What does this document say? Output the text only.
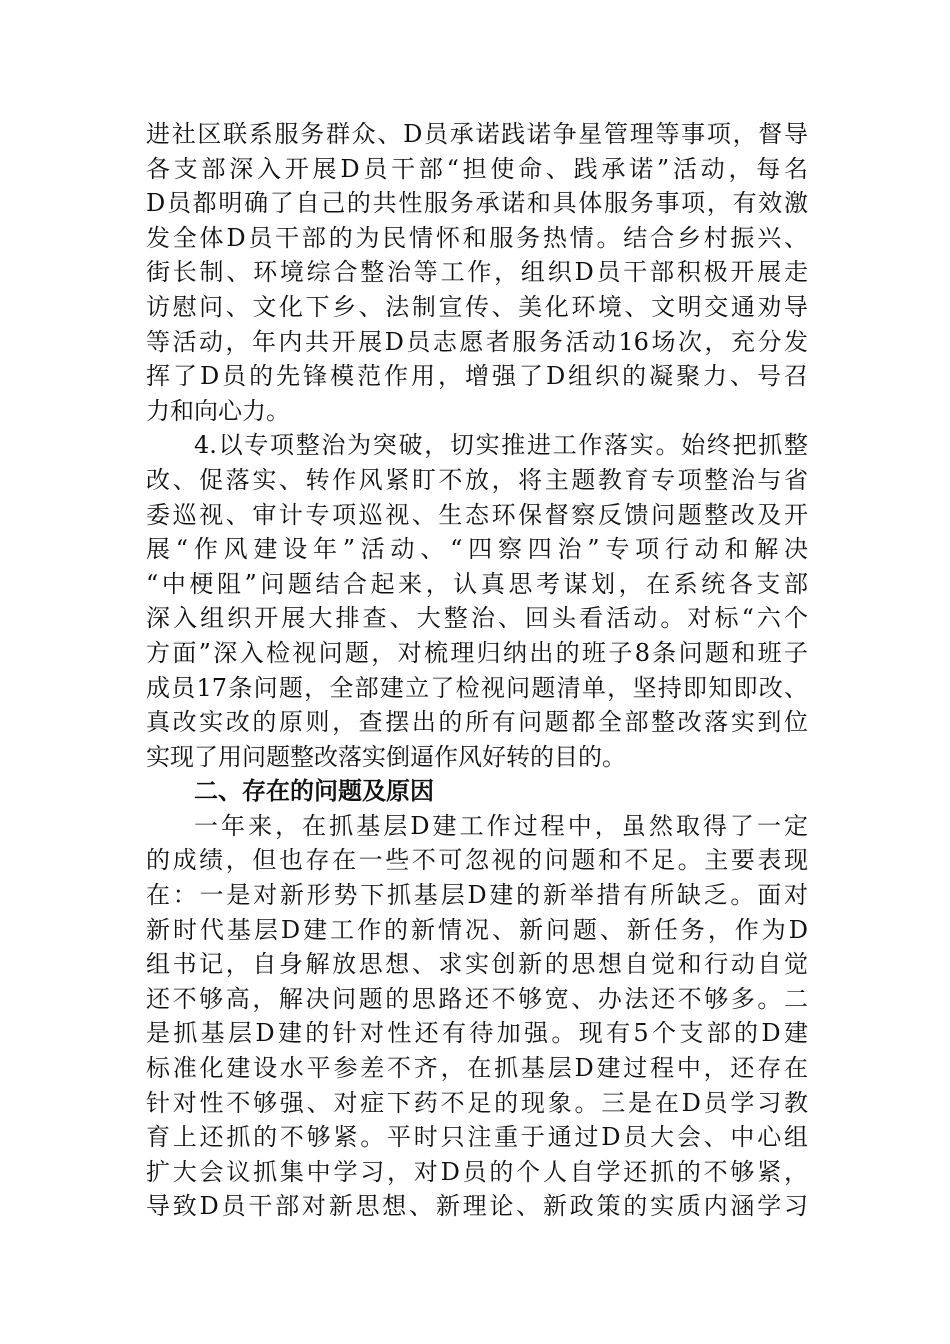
进社区联系服务群众、D员承诺践诺争星管理等事项，督导
各支部深入开展D员干部“担使命、践承诺”活动，每名
D员都明确了自己的共性服务承诺和具体服务事项，有效激
发全体D员干部的为民情怀和服务热情。结合乡村振兴、
街长制、环境综合整治等工作，组织D员干部积极开展走
访慰问、文化下乡、法制宣传、美化环境、文明交通劝导
等活动，年内共开展D员志愿者服务活动16场次，充分发
挥了D员的先锋模范作用，增强了D组织的凝聚力、号召
力和向心力。
4.以专项整治为突破，切实推进工作落实。始终把抓整
改、促落实、转作风紧盯不放，将主题教育专项整治与省
委巡视、审计专项巡视、生态环保督察反馈问题整改及开
展“作风建设年”活动、“四察四治”专项行动和解决
“中梗阻”问题结合起来，认真思考谋划，在系统各支部
深入组织开展大排查、大整治、回头看活动。对标“六个
方面”深入检视问题，对梳理归纳出的班子8条问题和班子
成员17条问题，全部建立了检视问题清单，坚持即知即改、
真改实改的原则，查摆出的所有问题都全部整改落实到位
实现了用问题整改落实倒逼作风好转的目的。
二、存在的问题及原因
一年来，在抓基层D建工作过程中，虽然取得了一定
的成绩，但也存在一些不可忽视的问题和不足。主要表现
在：一是对新形势下抓基层D建的新举措有所缺乏。面对
新时代基层D建工作的新情况、新问题、新任务，作为D
组书记，自身解放思想、求实创新的思想自觉和行动自觉
还不够高，解决问题的思路还不够宽、办法还不够多。二
是抓基层D建的针对性还有待加强。现有5个支部的D建
标准化建设水平参差不齐，在抓基层D建过程中，还存在
针对性不够强、对症下药不足的现象。三是在D员学习教
育上还抓的不够紧。平时只注重于通过D员大会、中心组
扩大会议抓集中学习，对D员的个人自学还抓的不够紧，
导致D员干部对新思想、新理论、新政策的实质内涵学习
